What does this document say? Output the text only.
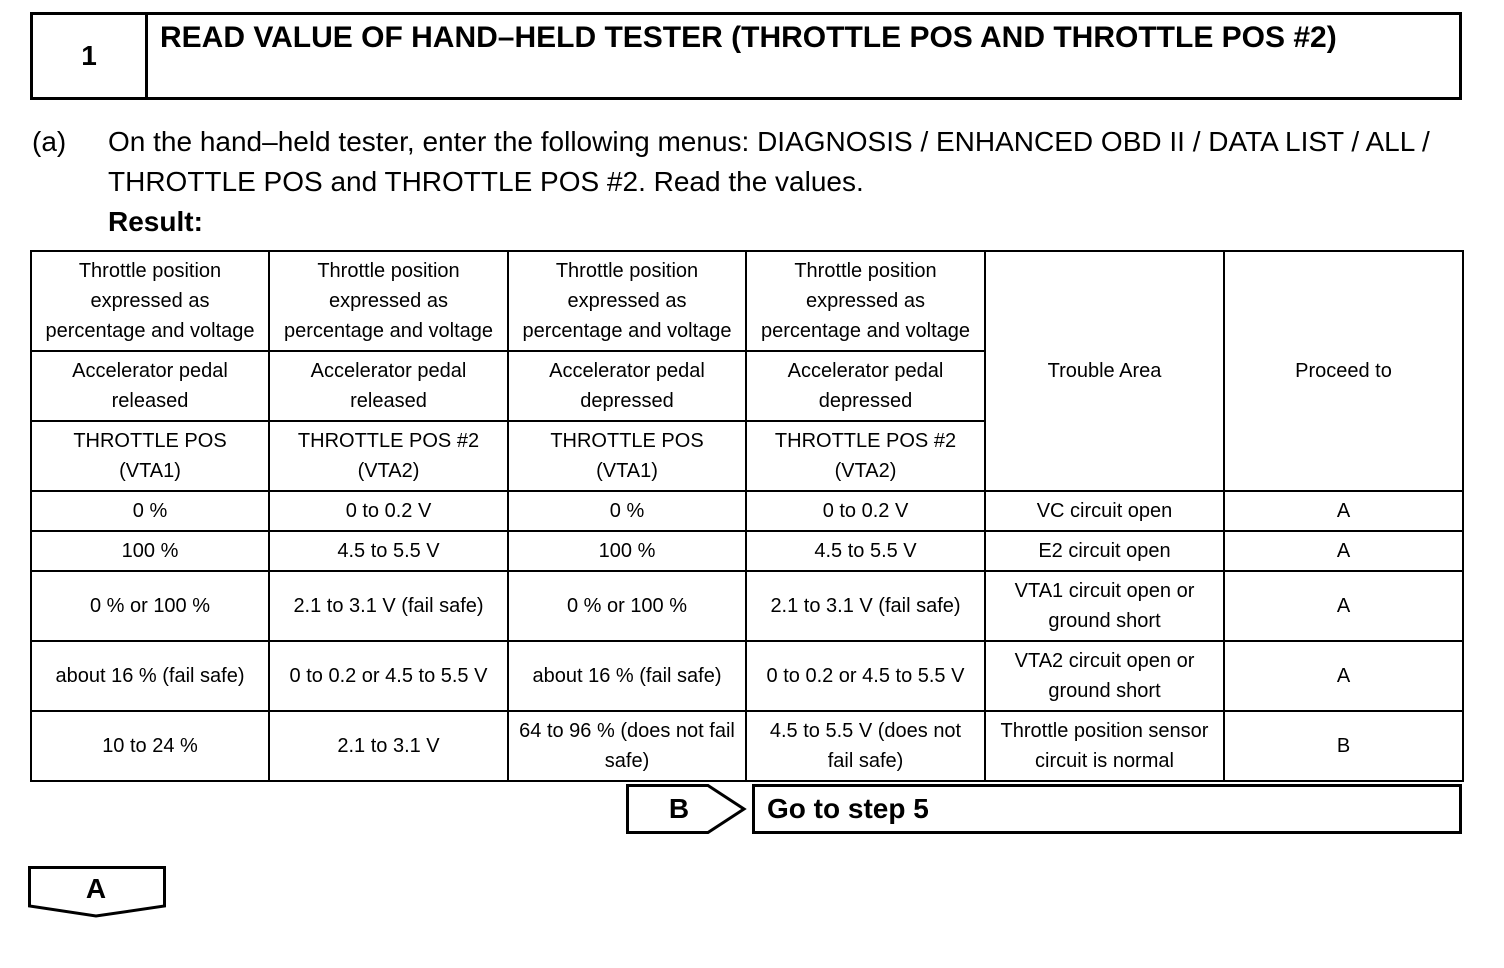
1
READ VALUE OF HAND–HELD TESTER (THROTTLE POS AND THROTTLE POS #2)
(a) On the hand–held tester, enter the following menus: DIAGNOSIS / ENHANCED OBD II / DATA LIST / ALL / THROTTLE POS and THROTTLE POS #2. Read the values.
Result:
Throttle position expressed as percentage and voltage	Throttle position expressed as percentage and voltage	Throttle position expressed as percentage and voltage	Throttle position expressed as percentage and voltage	Trouble Area	Proceed to
Accelerator pedal released	Accelerator pedal released	Accelerator pedal depressed	Accelerator pedal depressed		
THROTTLE POS (VTA1)	THROTTLE POS #2 (VTA2)	THROTTLE POS (VTA1)	THROTTLE POS #2 (VTA2)		
0 %	0 to 0.2 V	0 %	0 to 0.2 V	VC circuit open	A
100 %	4.5 to 5.5 V	100 %	4.5 to 5.5 V	E2 circuit open	A
0 % or 100 %	2.1 to 3.1 V (fail safe)	0 % or 100 %	2.1 to 3.1 V (fail safe)	VTA1 circuit open or ground short	A
about 16 % (fail safe)	0 to 0.2 or 4.5 to 5.5 V	about 16 % (fail safe)	0 to 0.2 or 4.5 to 5.5 V	VTA2 circuit open or ground short	A
10 to 24 %	2.1 to 3.1 V	64 to 96 % (does not fail safe)	4.5 to 5.5 V (does not fail safe)	Throttle position sensor circuit is normal	B
B	Go to step 5
A
